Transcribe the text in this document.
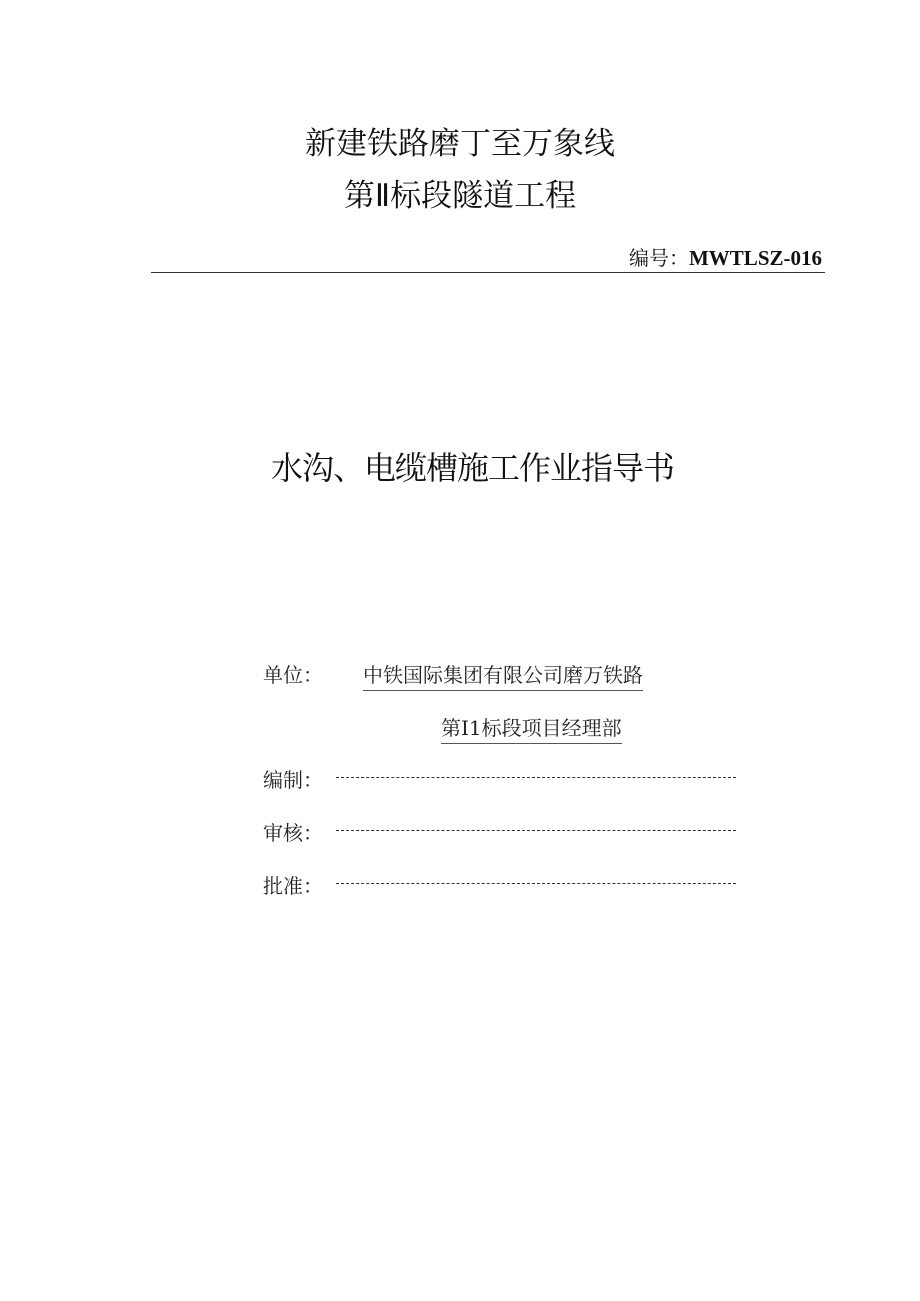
新建铁路磨丁至万象线
第Ⅱ标段隧道工程
编号：MWTLSZ-016
水沟、电缆槽施工作业指导书
单位： 中铁国际集团有限公司磨万铁路
第I1标段项目经理部
编制：
审核：
批准：
